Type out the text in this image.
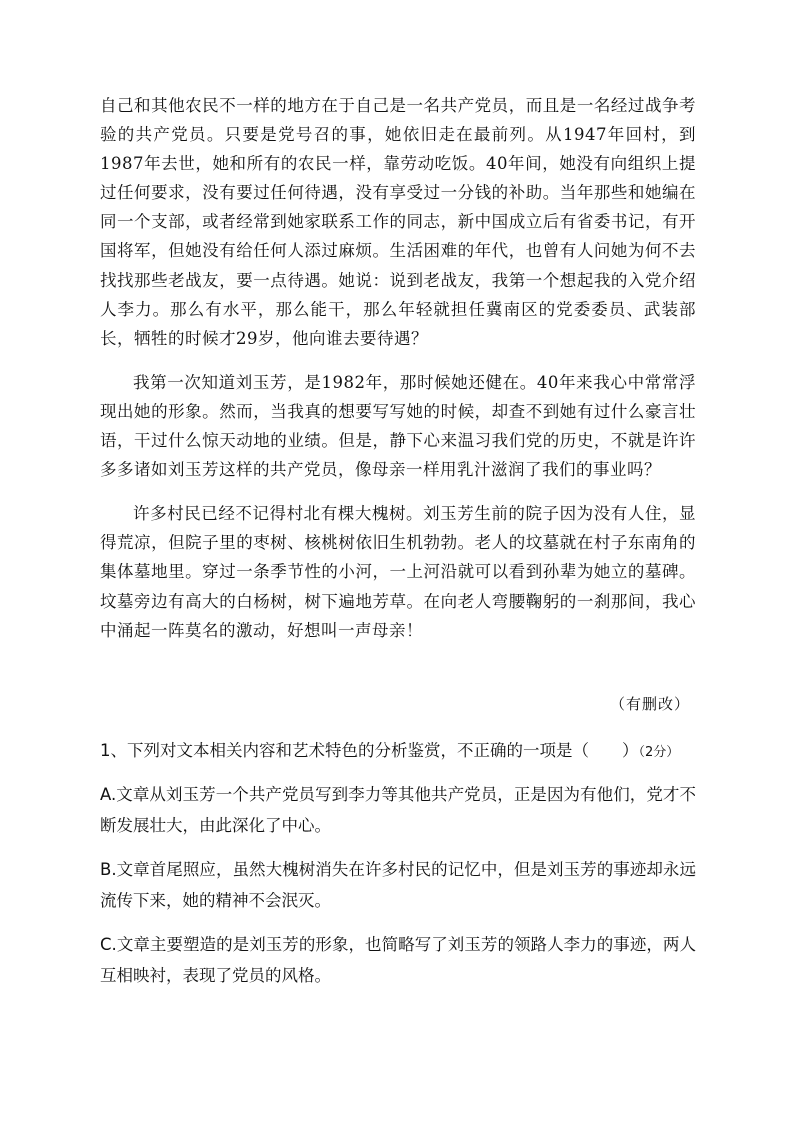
自己和其他农民不一样的地方在于自己是一名共产党员，而且是一名经过战争考验的共产党员。只要是党号召的事，她依旧走在最前列。从1947年回村，到1987年去世，她和所有的农民一样，靠劳动吃饭。40年间，她没有向组织上提过任何要求，没有要过任何待遇，没有享受过一分钱的补助。当年那些和她编在同一个支部，或者经常到她家联系工作的同志，新中国成立后有省委书记，有开国将军，但她没有给任何人添过麻烦。生活困难的年代，也曾有人问她为何不去找找那些老战友，要一点待遇。她说：说到老战友，我第一个想起我的入党介绍人李力。那么有水平，那么能干，那么年轻就担任冀南区的党委委员、武装部长，牺牲的时候才29岁，他向谁去要待遇？

我第一次知道刘玉芳，是1982年，那时候她还健在。40年来我心中常常浮现出她的形象。然而，当我真的想要写写她的时候，却查不到她有过什么豪言壮语，干过什么惊天动地的业绩。但是，静下心来温习我们党的历史，不就是许许多多诸如刘玉芳这样的共产党员，像母亲一样用乳汁滋润了我们的事业吗？

许多村民已经不记得村北有棵大槐树。刘玉芳生前的院子因为没有人住，显得荒凉，但院子里的枣树、核桃树依旧生机勃勃。老人的坟墓就在村子东南角的集体墓地里。穿过一条季节性的小河，一上河沿就可以看到孙辈为她立的墓碑。坟墓旁边有高大的白杨树，树下遍地芳草。在向老人弯腰鞠躬的一刹那间，我心中涌起一阵莫名的激动，好想叫一声母亲！

（有删改）

1、下列对文本相关内容和艺术特色的分析鉴赏，不正确的一项是（　　）（2分）

A.文章从刘玉芳一个共产党员写到李力等其他共产党员，正是因为有他们，党才不断发展壮大，由此深化了中心。

B.文章首尾照应，虽然大槐树消失在许多村民的记忆中，但是刘玉芳的事迹却永远流传下来，她的精神不会泯灭。

C.文章主要塑造的是刘玉芳的形象，也简略写了刘玉芳的领路人李力的事迹，两人互相映衬，表现了党员的风格。
